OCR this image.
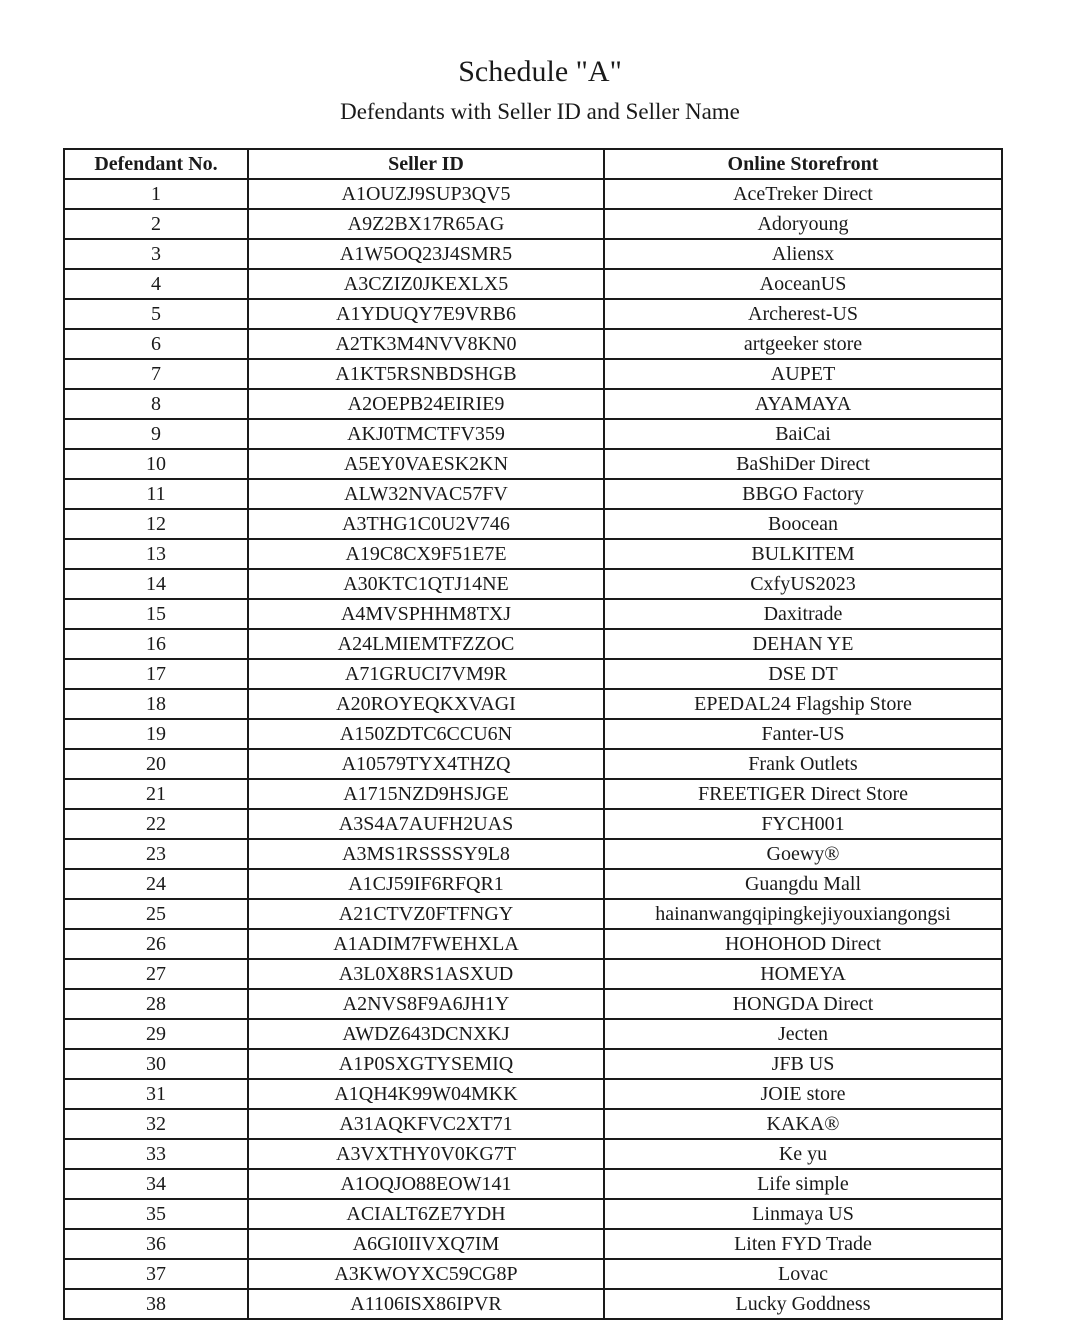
Schedule "A"
Defendants with Seller ID and Seller Name
Defendant No.	Seller ID	Online Storefront
1	A1OUZJ9SUP3QV5	AceTreker Direct
2	A9Z2BX17R65AG	Adoryoung
3	A1W5OQ23J4SMR5	Aliensx
4	A3CZIZ0JKEXLX5	AoceanUS
5	A1YDUQY7E9VRB6	Archerest-US
6	A2TK3M4NVV8KN0	artgeeker store
7	A1KT5RSNBDSHGB	AUPET
8	A2OEPB24EIRIE9	AYAMAYA
9	AKJ0TMCTFV359	BaiCai
10	A5EY0VAESK2KN	BaShiDer Direct
11	ALW32NVAC57FV	BBGO Factory
12	A3THG1C0U2V746	Boocean
13	A19C8CX9F51E7E	BULKITEM
14	A30KTC1QTJ14NE	CxfyUS2023
15	A4MVSPHHM8TXJ	Daxitrade
16	A24LMIEMTFZZOC	DEHAN YE
17	A71GRUCI7VM9R	DSE DT
18	A20ROYEQKXVAGI	EPEDAL24 Flagship Store
19	A150ZDTC6CCU6N	Fanter-US
20	A10579TYX4THZQ	Frank Outlets
21	A1715NZD9HSJGE	FREETIGER Direct Store
22	A3S4A7AUFH2UAS	FYCH001
23	A3MS1RSSSSY9L8	Goewy®
24	A1CJ59IF6RFQR1	Guangdu Mall
25	A21CTVZ0FTFNGY	hainanwangqipingkejiyouxiangongsi
26	A1ADIM7FWEHXLA	HOHOHOD Direct
27	A3L0X8RS1ASXUD	HOMEYA
28	A2NVS8F9A6JH1Y	HONGDA Direct
29	AWDZ643DCNXKJ	Jecten
30	A1P0SXGTYSEMIQ	JFB US
31	A1QH4K99W04MKK	JOIE store
32	A31AQKFVC2XT71	KAKA®
33	A3VXTHY0V0KG7T	Ke yu
34	A1OQJO88EOW141	Life simple
35	ACIALT6ZE7YDH	Linmaya US
36	A6GI0IIVXQ7IM	Liten FYD Trade
37	A3KWOYXC59CG8P	Lovac
38	A1106ISX86IPVR	Lucky Goddness
